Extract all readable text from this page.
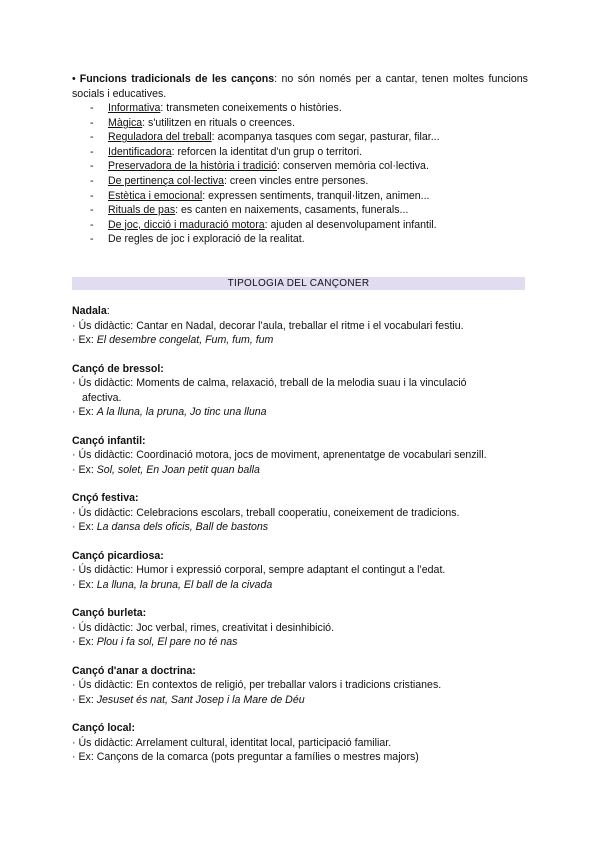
• Funcions tradicionals de les cançons: no són només per a cantar, tenen moltes funcions socials i educatives.
- Informativa: transmeten coneixements o històries.
- Màgica: s'utilitzen en rituals o creences.
- Reguladora del treball: acompanya tasques com segar, pasturar, filar...
- Identificadora: reforcen la identitat d'un grup o territori.
- Preservadora de la història i tradició: conserven memòria col·lectiva.
- De pertinença col·lectiva: creen vincles entre persones.
- Estètica i emocional: expressen sentiments, tranquil·litzen, animen...
- Rituals de pas: es canten en naixements, casaments, funerals...
- De joc, dicció i maduració motora: ajuden al desenvolupament infantil.
- De regles de joc i exploració de la realitat.
TIPOLOGIA DEL CANÇONER
Nadala:
· Ús didàctic: Cantar en Nadal, decorar l’aula, treballar el ritme i el vocabulari festiu.
· Ex: El desembre congelat, Fum, fum, fum
Cançó de bressol:
· Ús didàctic: Moments de calma, relaxació, treball de la melodia suau i la vinculació
afectiva.
· Ex: A la lluna, la pruna, Jo tinc una lluna
Cançó infantil:
· Ús didàctic: Coordinació motora, jocs de moviment, aprenentatge de vocabulari senzill.
· Ex: Sol, solet, En Joan petit quan balla
Cnçó festiva:
· Ús didàctic: Celebracions escolars, treball cooperatiu, coneixement de tradicions.
· Ex: La dansa dels oficis, Ball de bastons
Cançó picardiosa:
· Ús didàctic: Humor i expressió corporal, sempre adaptant el contingut a l’edat.
· Ex: La lluna, la bruna, El ball de la civada
Cançó burleta:
· Ús didàctic: Joc verbal, rimes, creativitat i desinhibició.
· Ex: Plou i fa sol, El pare no té nas
Cançó d'anar a doctrina:
· Ús didàctic: En contextos de religió, per treballar valors i tradicions cristianes.
· Ex: Jesuset és nat, Sant Josep i la Mare de Déu
Cançó local:
· Ús didàctic: Arrelament cultural, identitat local, participació familiar.
· Ex: Cançons de la comarca (pots preguntar a famílies o mestres majors)
